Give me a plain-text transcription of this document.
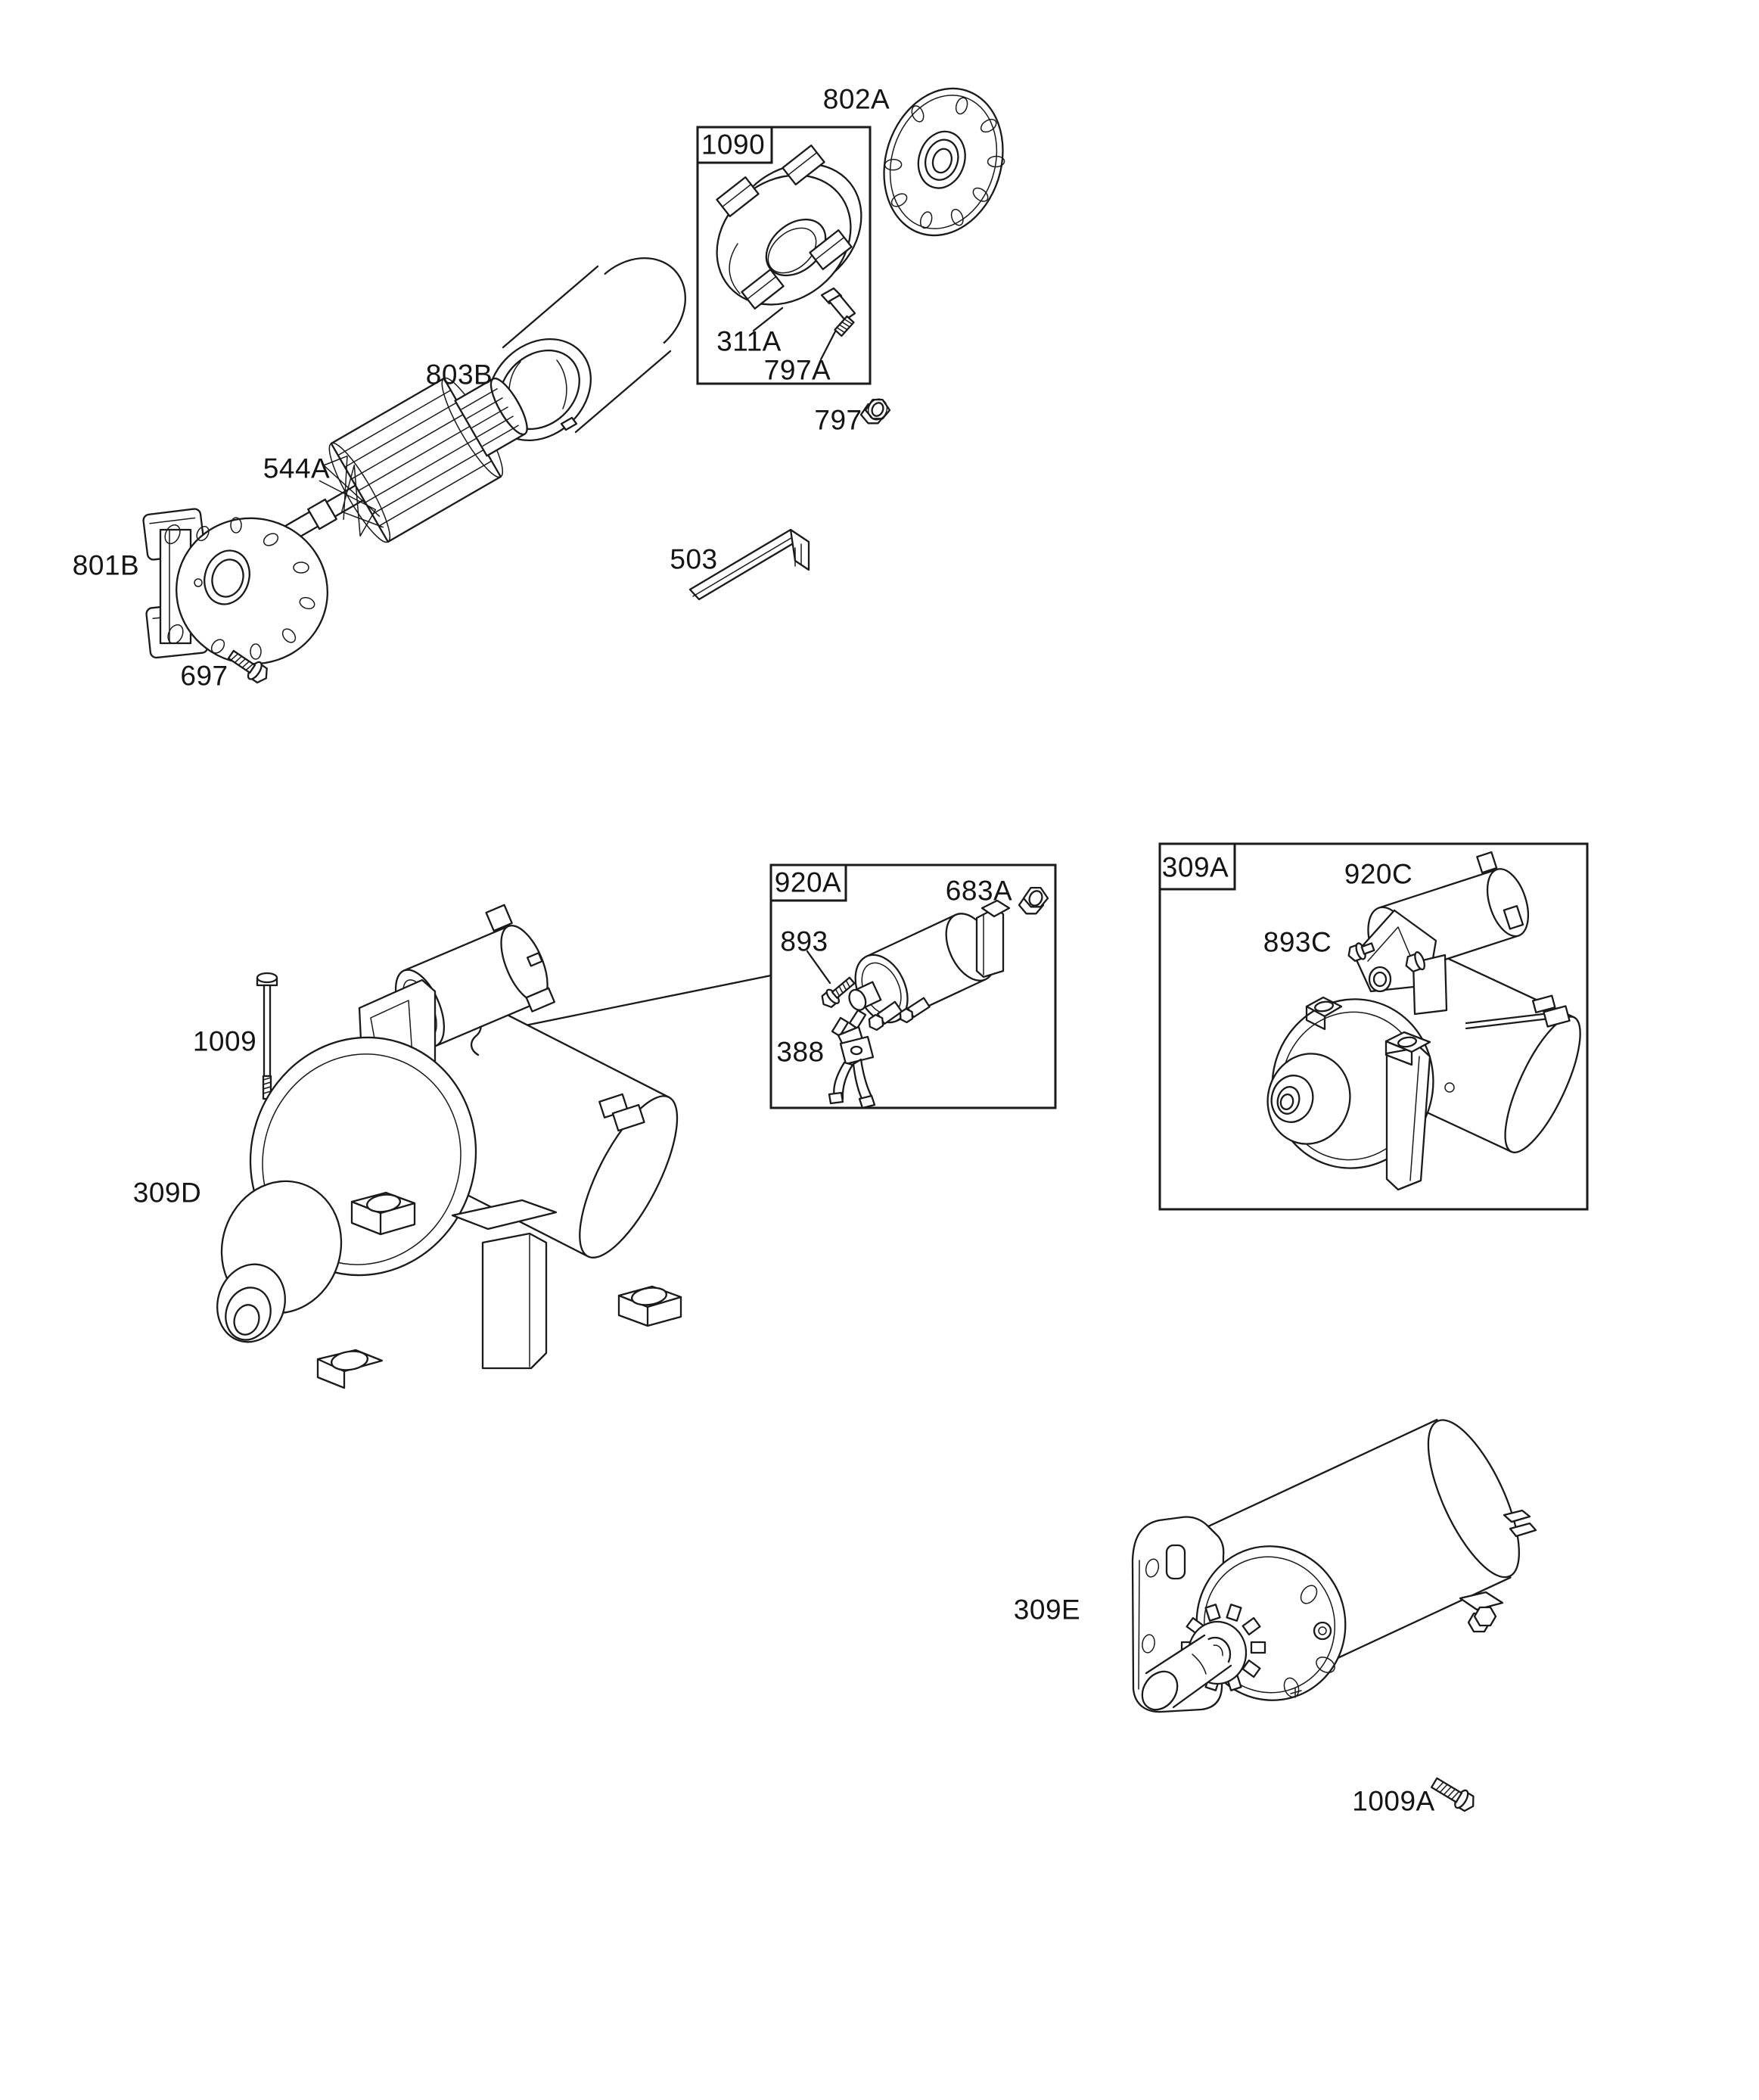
802A
1090
311A
797A
797
803B
544A
801B
697
503
1009
309D
920A	683A
893
388
309A	920C
893C
309E
1009A
